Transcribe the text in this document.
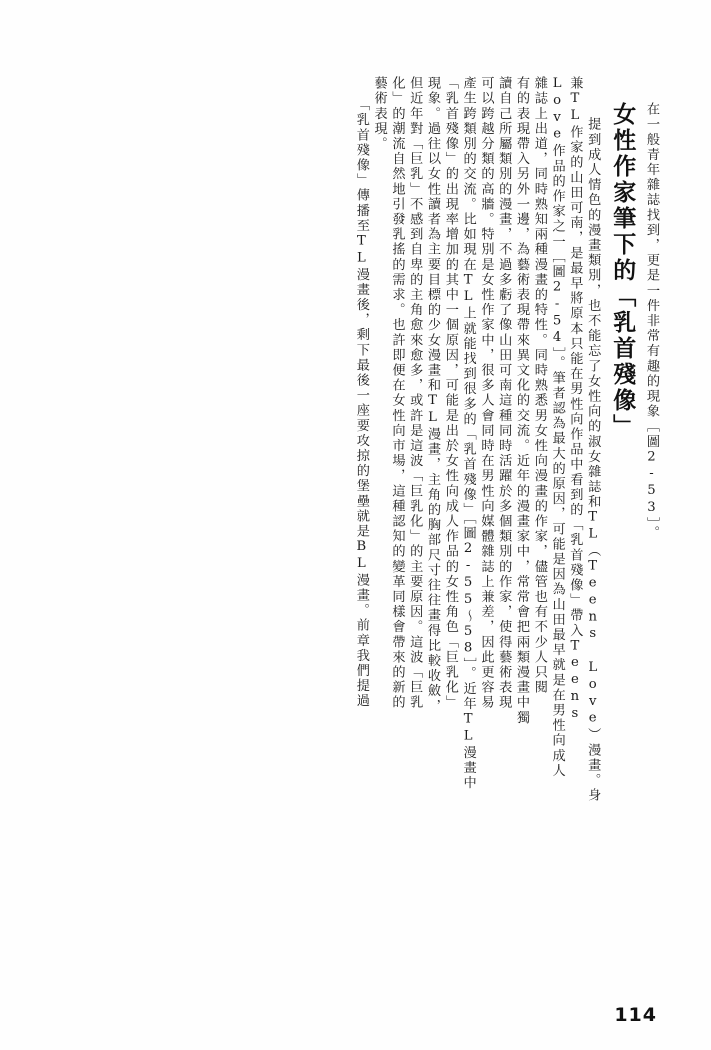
在一般青年雜誌找到，更是一件非常有趣的現象［圖2-53］。
女性作家筆下的「乳首殘像」
　提到成人情色的漫畫類別，也不能忘了女性向的淑女雜誌和TL（Teens Love）漫畫。身
兼TL作家的山田可南，是最早將原本只能在男性向作品中看到的「乳首殘像」帶入Teens
Love作品的作家之一［圖2-54］。筆者認為最大的原因，可能是因為山田最早就是在男性向成人
雜誌上出道，同時熟知兩種漫畫的特性。同時熟悉男女性向漫畫的作家，儘管也有不少人只閱
有的表現帶入另外一邊，為藝術表現帶來異文化的交流。近年的漫畫家中，常常會把兩類漫畫中獨
讀自己所屬類別的漫畫，不過多虧了像山田可南這種同時活躍於多個類別的作家，使得藝術表現
可以跨越分類的高牆。特別是女性作家中，很多人會同時在男性向媒體雜誌上兼差，因此更容易
產生跨類別的交流。比如現在TL上就能找到很多的「乳首殘像」［圖2-55～58］。近年TL漫畫中
「乳首殘像」的出現率增加的其中一個原因，可能是出於女性向成人作品的女性角色「巨乳化」
現象。過往以女性讀者為主要目標的少女漫畫和TL漫畫，主角的胸部尺寸往往畫得比較收斂，
但近年對「巨乳」不感到自卑的主角愈來愈多，或許是這波「巨乳化」的主要原因。這波「巨乳
化」的潮流自然地引發乳搖的需求。也許即便在女性向市場，這種認知的變革同樣會帶來的新的
藝術表現。
　「乳首殘像」傳播至TL漫畫後，剩下最後一座要攻掠的堡壘就是BL漫畫。前章我們提過
114
